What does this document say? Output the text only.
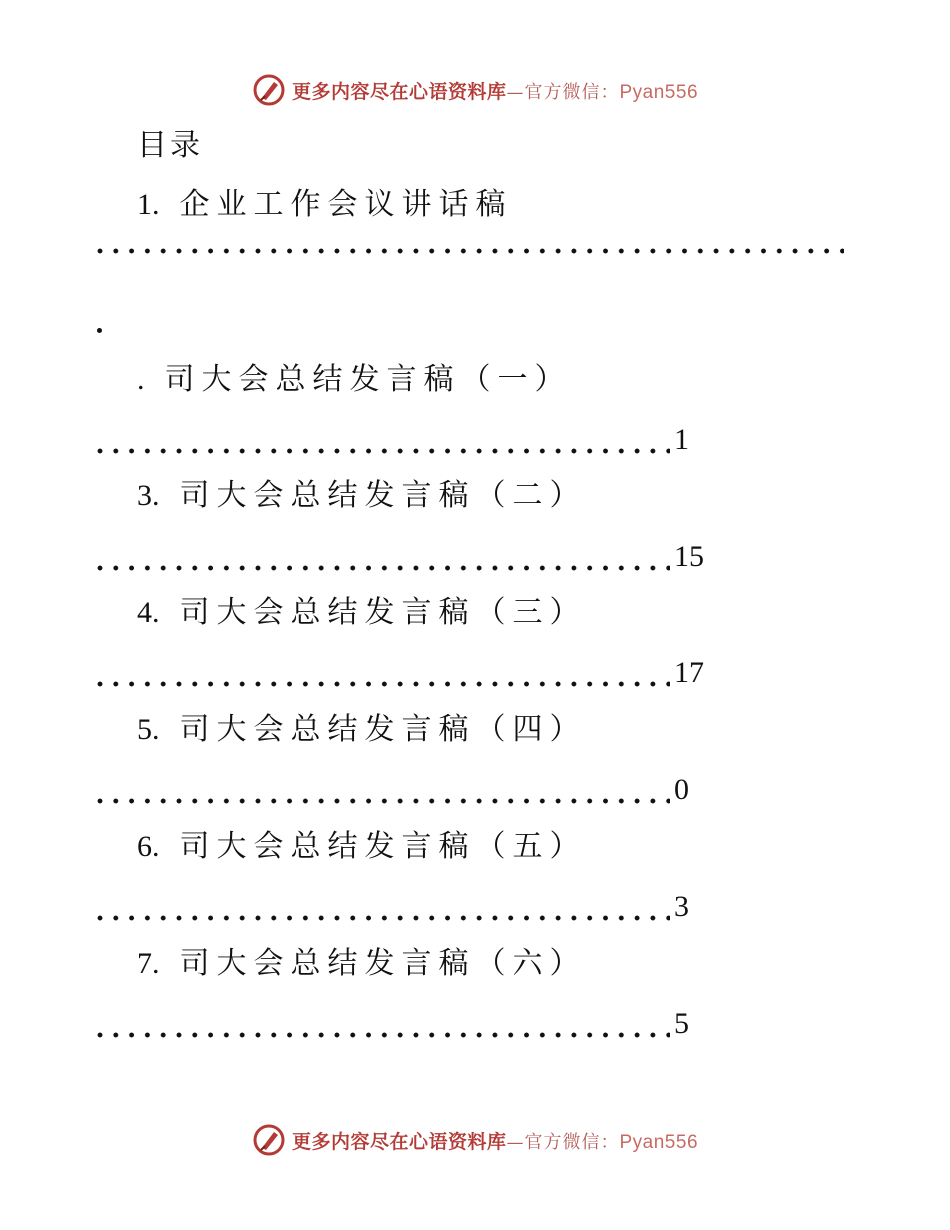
更多内容尽在心语资料库 — 官方微信： Pyan556
目录
1. 企业工作会议讲话稿
. 司大会总结发言稿（一）
1
3. 司大会总结发言稿（二）
15
4. 司大会总结发言稿（三）
17
5. 司大会总结发言稿（四）
0
6. 司大会总结发言稿（五）
3
7. 司大会总结发言稿（六）
5
更多内容尽在心语资料库 — 官方微信： Pyan556
